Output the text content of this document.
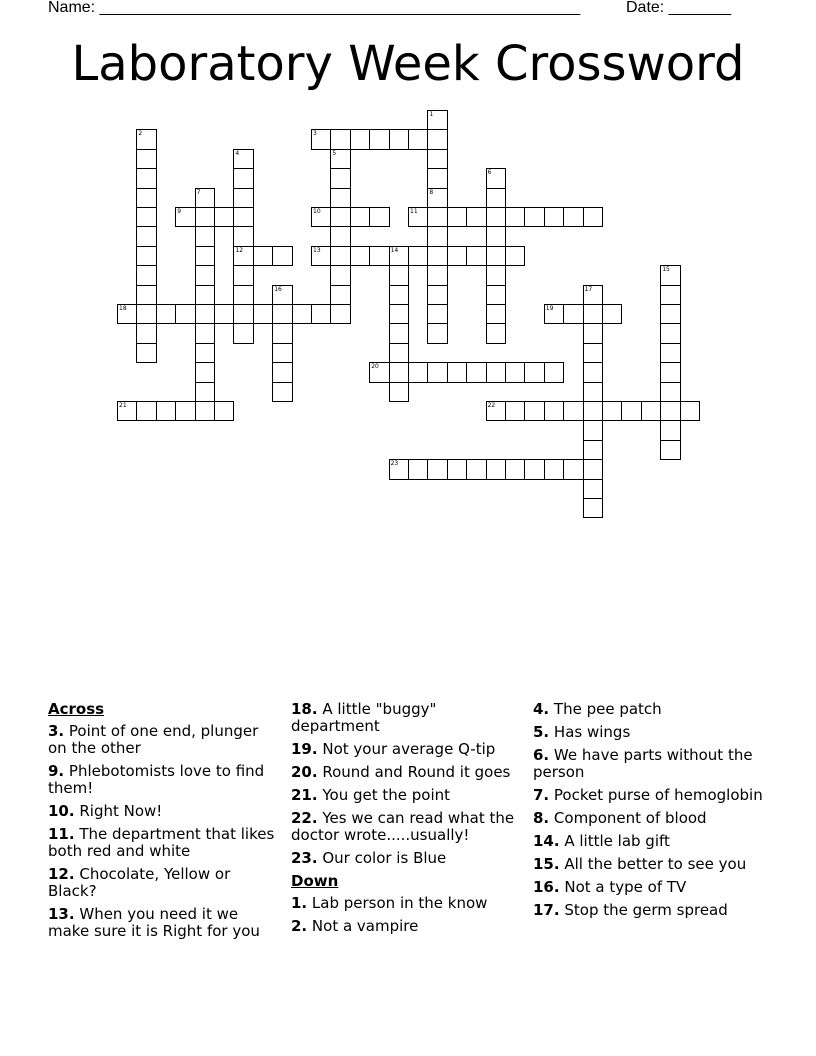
Name: ______________________________________________________	Date: _______
Laboratory Week Crossword
1
2	3
4	5
6
7	8
9	10	11
12	13	14
15
16	17
18	19
20
21	22
23
Across
3. Point of one end, plunger on the other
9. Phlebotomists love to find them!
10. Right Now!
11. The department that likes both red and white
12. Chocolate, Yellow or Black?
13. When you need it we make sure it is Right for you
18. A little "buggy" department
19. Not your average Q-tip
20. Round and Round it goes
21. You get the point
22. Yes we can read what the doctor wrote.....usually!
23. Our color is Blue
Down
1. Lab person in the know
2. Not a vampire
4. The pee patch
5. Has wings
6. We have parts without the person
7. Pocket purse of hemoglobin
8. Component of blood
14. A little lab gift
15. All the better to see you
16. Not a type of TV
17. Stop the germ spread
